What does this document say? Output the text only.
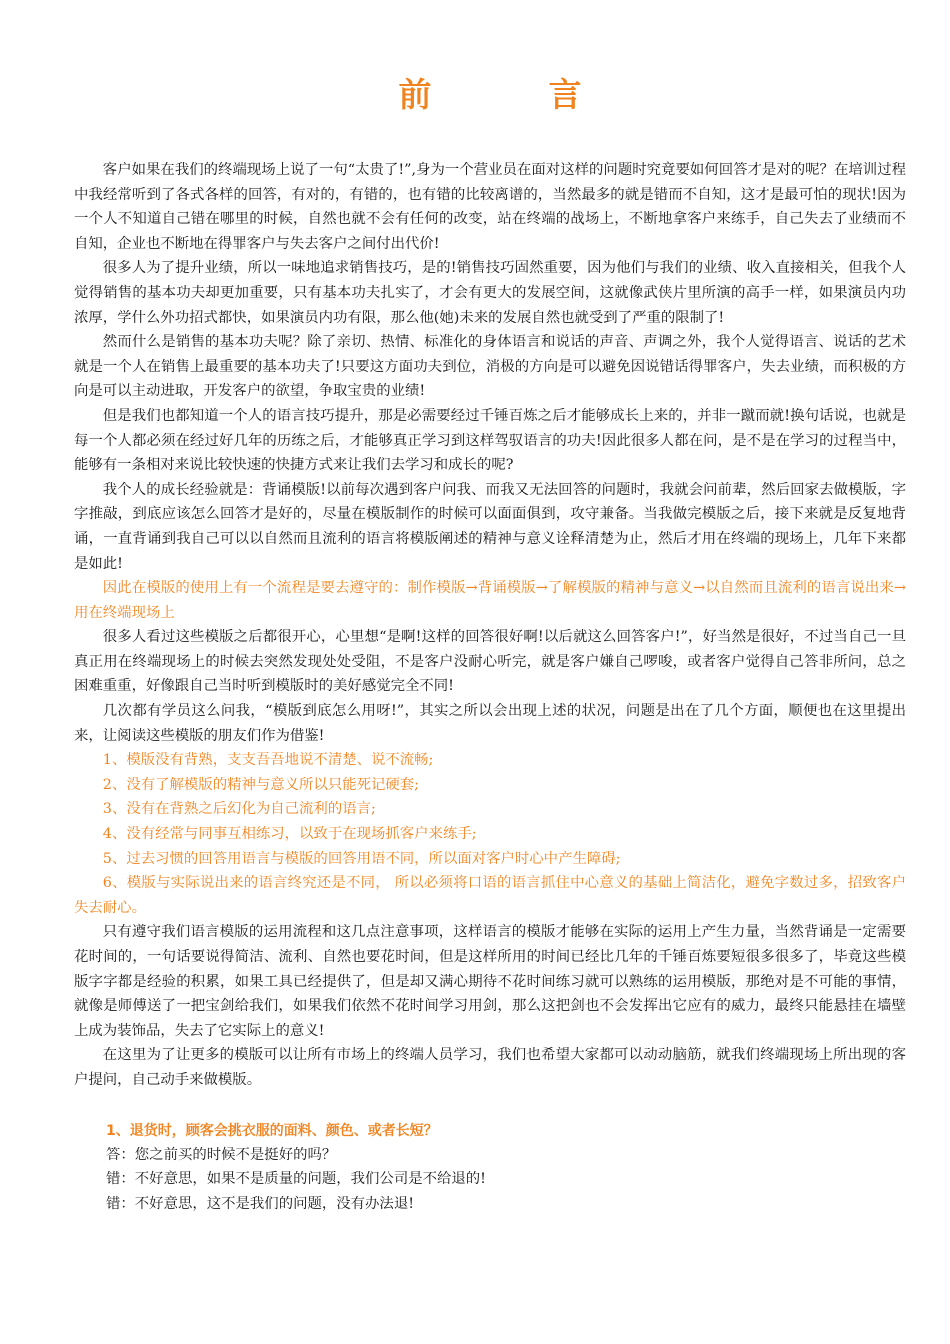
前　言

客户如果在我们的终端现场上说了一句“太贵了!”,身为一个营业员在面对这样的问题时究竟要如何回答才是对的呢？在培训过程中我经常听到了各式各样的回答，有对的，有错的，也有错的比较离谱的，当然最多的就是错而不自知，这才是最可怕的现状!因为一个人不知道自己错在哪里的时候，自然也就不会有任何的改变，站在终端的战场上，不断地拿客户来练手，自己失去了业绩而不自知，企业也不断地在得罪客户与失去客户之间付出代价!

很多人为了提升业绩，所以一味地追求销售技巧，是的!销售技巧固然重要，因为他们与我们的业绩、收入直接相关，但我个人觉得销售的基本功夫却更加重要，只有基本功夫扎实了，才会有更大的发展空间，这就像武侠片里所演的高手一样，如果演员内功浓厚，学什么外功招式都快，如果演员内功有限，那么他(她)未来的发展自然也就受到了严重的限制了!

然而什么是销售的基本功夫呢？除了亲切、热情、标准化的身体语言和说话的声音、声调之外，我个人觉得语言、说话的艺术就是一个人在销售上最重要的基本功夫了!只要这方面功夫到位，消极的方向是可以避免因说错话得罪客户，失去业绩，而积极的方向是可以主动进取，开发客户的欲望，争取宝贵的业绩!

但是我们也都知道一个人的语言技巧提升，那是必需要经过千锤百炼之后才能够成长上来的，并非一蹴而就!换句话说，也就是每一个人都必须在经过好几年的历练之后，才能够真正学习到这样驾驭语言的功夫!因此很多人都在问，是不是在学习的过程当中，能够有一条相对来说比较快速的快捷方式来让我们去学习和成长的呢?

我个人的成长经验就是：背诵模版!以前每次遇到客户问我、而我又无法回答的问题时，我就会问前辈，然后回家去做模版，字字推敲，到底应该怎么回答才是好的，尽量在模版制作的时候可以面面俱到，攻守兼备。当我做完模版之后，接下来就是反复地背诵，一直背诵到我自己可以以自然而且流利的语言将模版阐述的精神与意义诠释清楚为止，然后才用在终端的现场上，几年下来都是如此!

因此在模版的使用上有一个流程是要去遵守的：制作模版→背诵模版→了解模版的精神与意义→以自然而且流利的语言说出来→用在终端现场上

很多人看过这些模版之后都很开心，心里想“是啊!这样的回答很好啊!以后就这么回答客户!”，好当然是很好，不过当自己一旦真正用在终端现场上的时候去突然发现处处受阻，不是客户没耐心听完，就是客户嫌自己啰唆，或者客户觉得自己答非所问，总之困难重重，好像跟自己当时听到模版时的美好感觉完全不同!

几次都有学员这么问我，“模版到底怎么用呀!”，其实之所以会出现上述的状况，问题是出在了几个方面，顺便也在这里提出来，让阅读这些模版的朋友们作为借鉴!

1、模版没有背熟，支支吾吾地说不清楚、说不流畅;

2、没有了解模版的精神与意义所以只能死记硬套;

3、没有在背熟之后幻化为自己流利的语言;

4、没有经常与同事互相练习，以致于在现场抓客户来练手;

5、过去习惯的回答用语言与模版的回答用语不同，所以面对客户时心中产生障碍;

6、模版与实际说出来的语言终究还是不同， 所以必须将口语的语言抓住中心意义的基础上简洁化，避免字数过多，招致客户失去耐心。

只有遵守我们语言模版的运用流程和这几点注意事项，这样语言的模版才能够在实际的运用上产生力量，当然背诵是一定需要花时间的，一句话要说得简洁、流利、自然也要花时间，但是这样所用的时间已经比几年的千锤百炼要短很多很多了，毕竟这些模版字字都是经验的积累，如果工具已经提供了，但是却又满心期待不花时间练习就可以熟练的运用模版，那绝对是不可能的事情，就像是师傅送了一把宝剑给我们，如果我们依然不花时间学习用剑，那么这把剑也不会发挥出它应有的威力，最终只能悬挂在墙壁上成为装饰品，失去了它实际上的意义!

在这里为了让更多的模版可以让所有市场上的终端人员学习，我们也希望大家都可以动动脑筋，就我们终端现场上所出现的客户提问，自己动手来做模版。

1、退货时，顾客会挑衣服的面料、颜色、或者长短？

答：您之前买的时候不是挺好的吗？

错：不好意思，如果不是质量的问题，我们公司是不给退的!

错：不好意思，这不是我们的问题，没有办法退!
